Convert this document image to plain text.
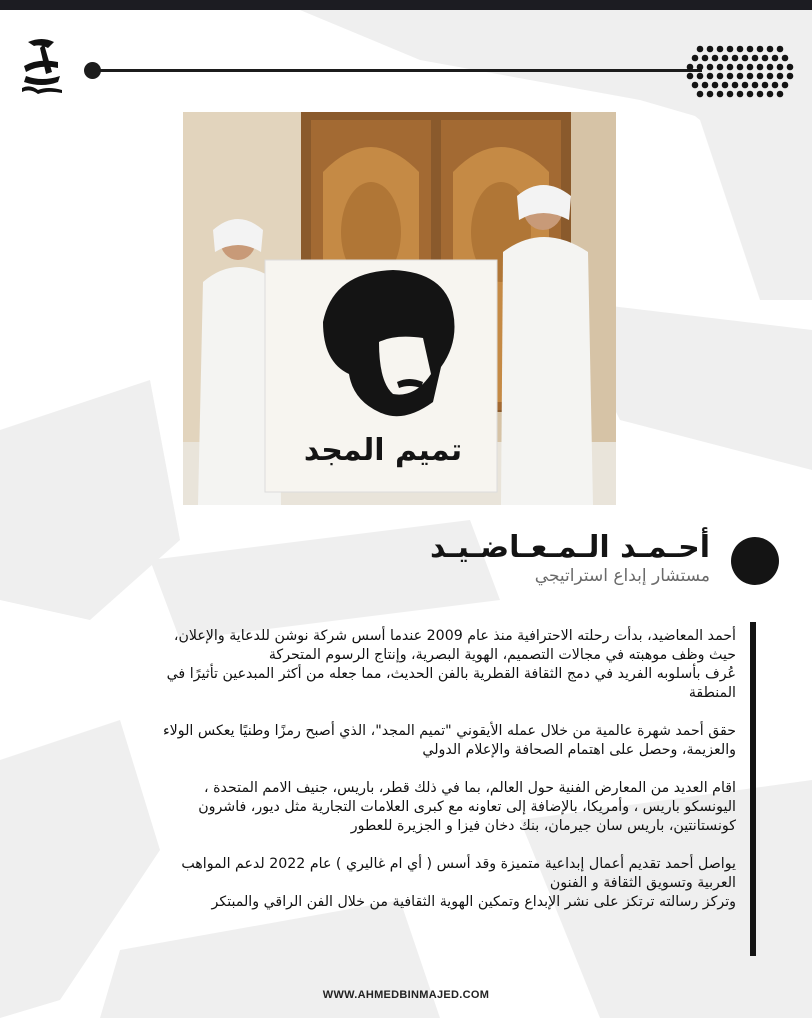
تميم المجد
أحـمـد الـمـعـاضـيـد
مستشار إبداع استراتيجي

أحمد المعاضيد، بدأت رحلته الاحترافية منذ عام 2009 عندما أسس شركة نوشن للدعاية والإعلان،

حيث وظف موهبته في مجالات التصميم، الهوية البصرية، وإنتاج الرسوم المتحركة

عُرف بأسلوبه الفريد في دمج الثقافة القطرية بالفن الحديث، مما جعله من أكثر المبدعين تأثيرًا في

المنطقة

حقق أحمد شهرة عالمية من خلال عمله الأيقوني "تميم المجد"، الذي أصبح رمزًا وطنيًا يعكس الولاء

والعزيمة، وحصل على اهتمام الصحافة والإعلام الدولي

اقام العديد من المعارض الفنية حول العالم، بما في ذلك قطر، باريس، جنيف الامم المتحدة ،

اليونسكو باريس ، وأمريكا، بالإضافة إلى تعاونه مع كبرى العلامات التجارية مثل ديور، فاشرون

كونستانتين، باريس سان جيرمان، بنك دخان فيزا و الجزيرة للعطور

يواصل أحمد تقديم أعمال إبداعية متميزة وقد أسس ( أي ام غاليري ) عام 2022 لدعم المواهب

العربية وتسويق الثقافة و الفنون

وتركز رسالته ترتكز على نشر الإبداع وتمكين الهوية الثقافية من خلال الفن الراقي والمبتكر

WWW.AHMEDBINMAJED.COM
